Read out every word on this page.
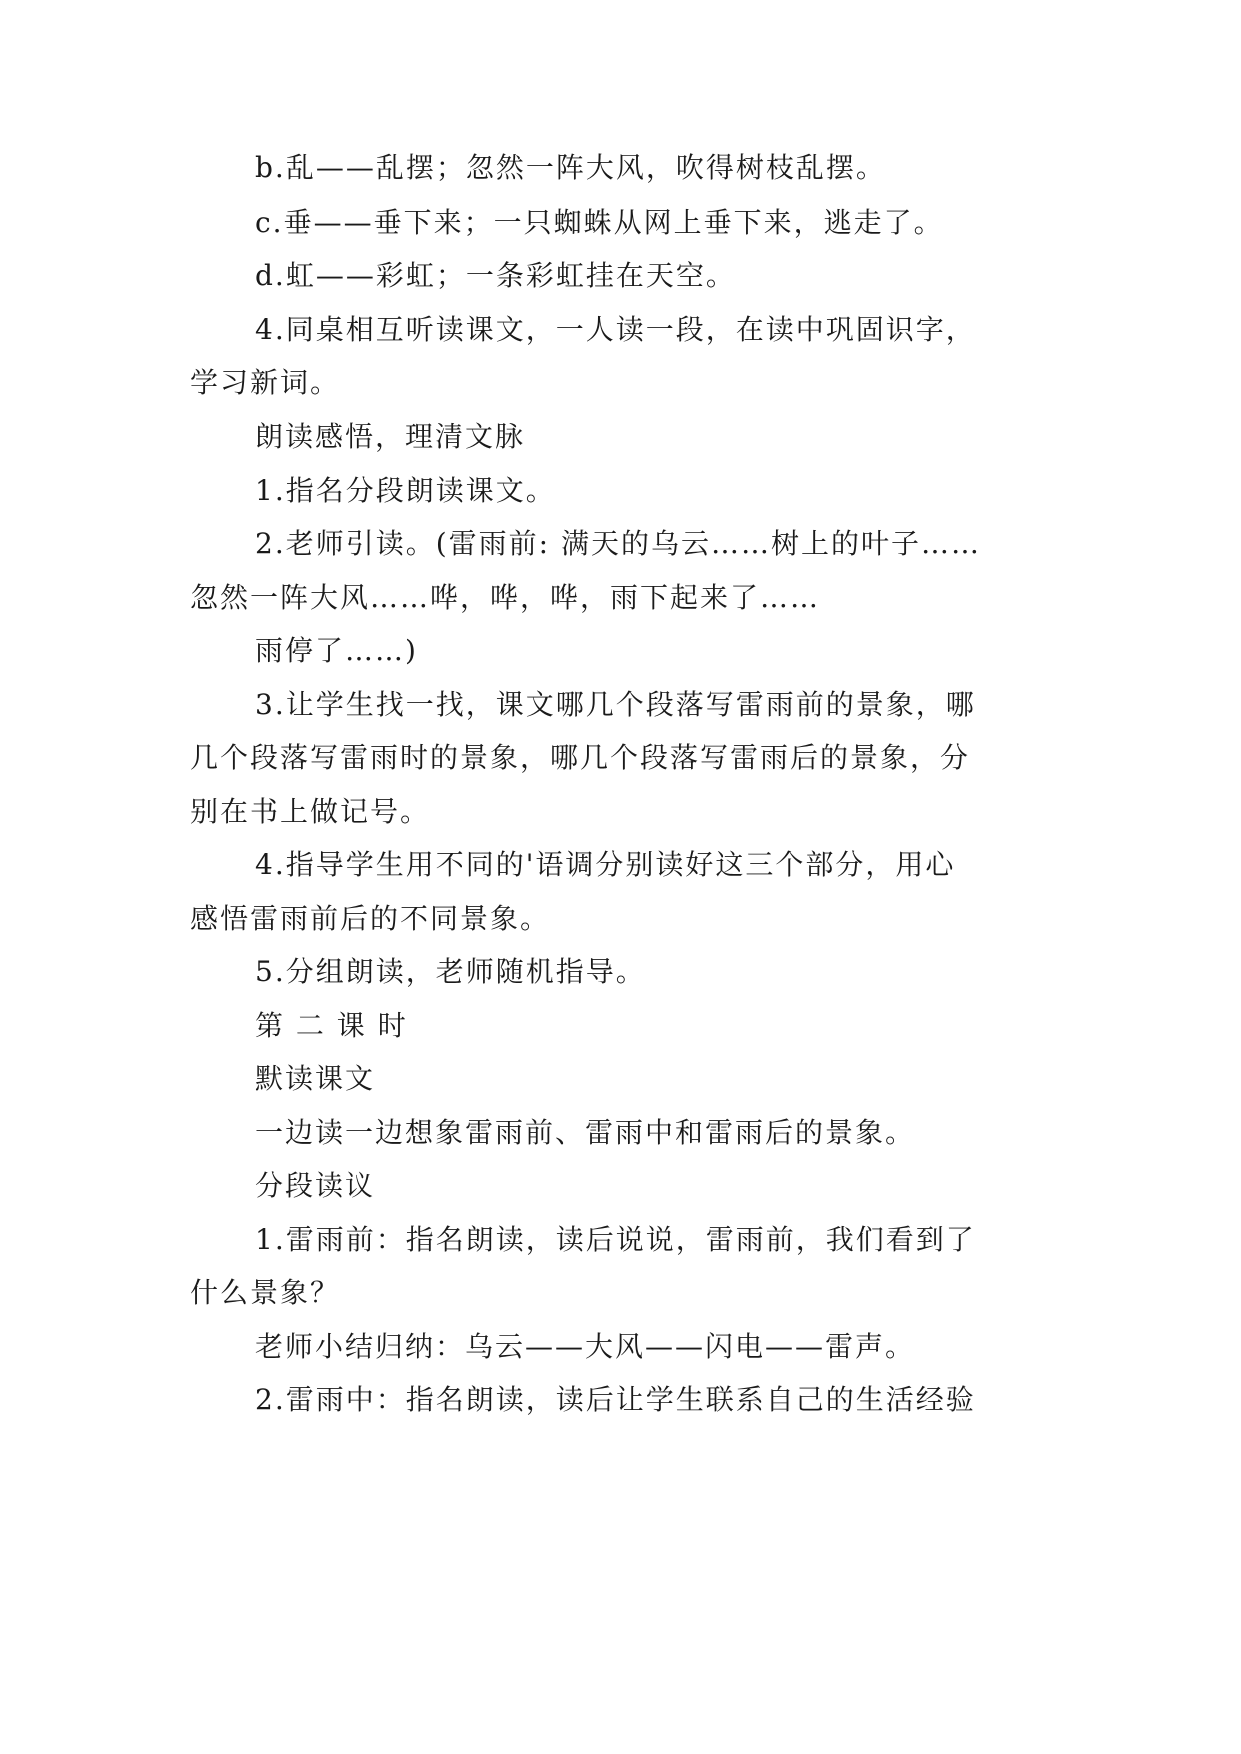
b.乱——乱摆；忽然一阵大风，吹得树枝乱摆。
c.垂——垂下来；一只蜘蛛从网上垂下来，逃走了。
d.虹——彩虹；一条彩虹挂在天空。
4.同桌相互听读课文，一人读一段，在读中巩固识字，
学习新词。
朗读感悟，理清文脉
1.指名分段朗读课文。
2.老师引读。(雷雨前: 满天的乌云……树上的叶子……
忽然一阵大风……哗，哗，哗，雨下起来了……
雨停了……)
3.让学生找一找，课文哪几个段落写雷雨前的景象，哪
几个段落写雷雨时的景象，哪几个段落写雷雨后的景象，分
别在书上做记号。
4.指导学生用不同的'语调分别读好这三个部分，用心
感悟雷雨前后的不同景象。
5.分组朗读，老师随机指导。
第 二 课 时
默读课文
一边读一边想象雷雨前、雷雨中和雷雨后的景象。
分段读议
1.雷雨前：指名朗读，读后说说，雷雨前，我们看到了
什么景象？
老师小结归纳：乌云——大风——闪电——雷声。
2.雷雨中：指名朗读，读后让学生联系自己的生活经验
